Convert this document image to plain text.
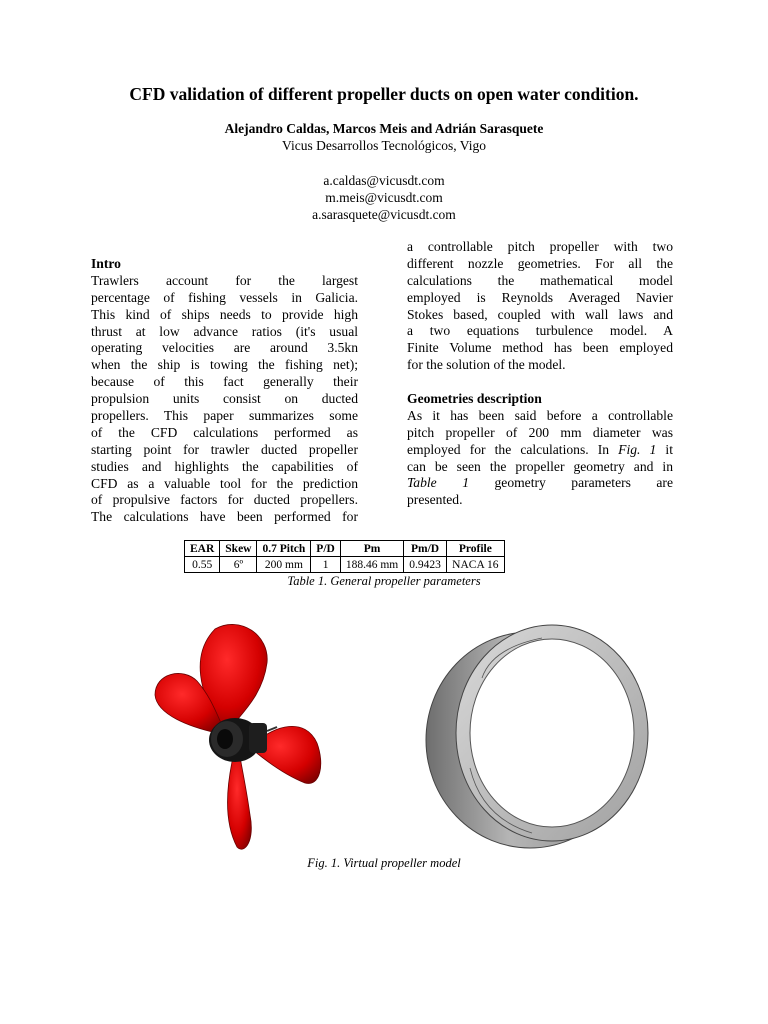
CFD validation of different propeller ducts on open water condition.
Alejandro Caldas, Marcos Meis and Adrián Sarasquete
Vicus Desarrollos Tecnológicos, Vigo
a.caldas@vicusdt.com
m.meis@vicusdt.com
a.sarasquete@vicusdt.com
Intro
Trawlers account for the largest
percentage of fishing vessels in Galicia.
This kind of ships needs to provide high
thrust at low advance ratios (it's usual
operating velocities are around 3.5kn
when the ship is towing the fishing net);
because of this fact generally their
propulsion units consist on ducted
propellers. This paper summarizes some
of the CFD calculations performed as
starting point for trawler ducted propeller
studies and highlights the capabilities of
CFD as a valuable tool for the prediction
of propulsive factors for ducted propellers.
The calculations have been performed for
a controllable pitch propeller with two
different nozzle geometries. For all the
calculations the mathematical model
employed is Reynolds Averaged Navier
Stokes based, coupled with wall laws and
a two equations turbulence model. A
Finite Volume method has been employed
for the solution of the model.
Geometries description
As it has been said before a controllable
pitch propeller of 200 mm diameter was
employed for the calculations. In Fig. 1 it
can be seen the propeller geometry and in
Table 1 geometry parameters are
presented.
EAR	Skew	0.7 Pitch	P/D	Pm	Pm/D	Profile
0.55	6º	200 mm	1	188.46 mm	0.9423	NACA 16
Table 1. General propeller parameters
Fig. 1. Virtual propeller model
